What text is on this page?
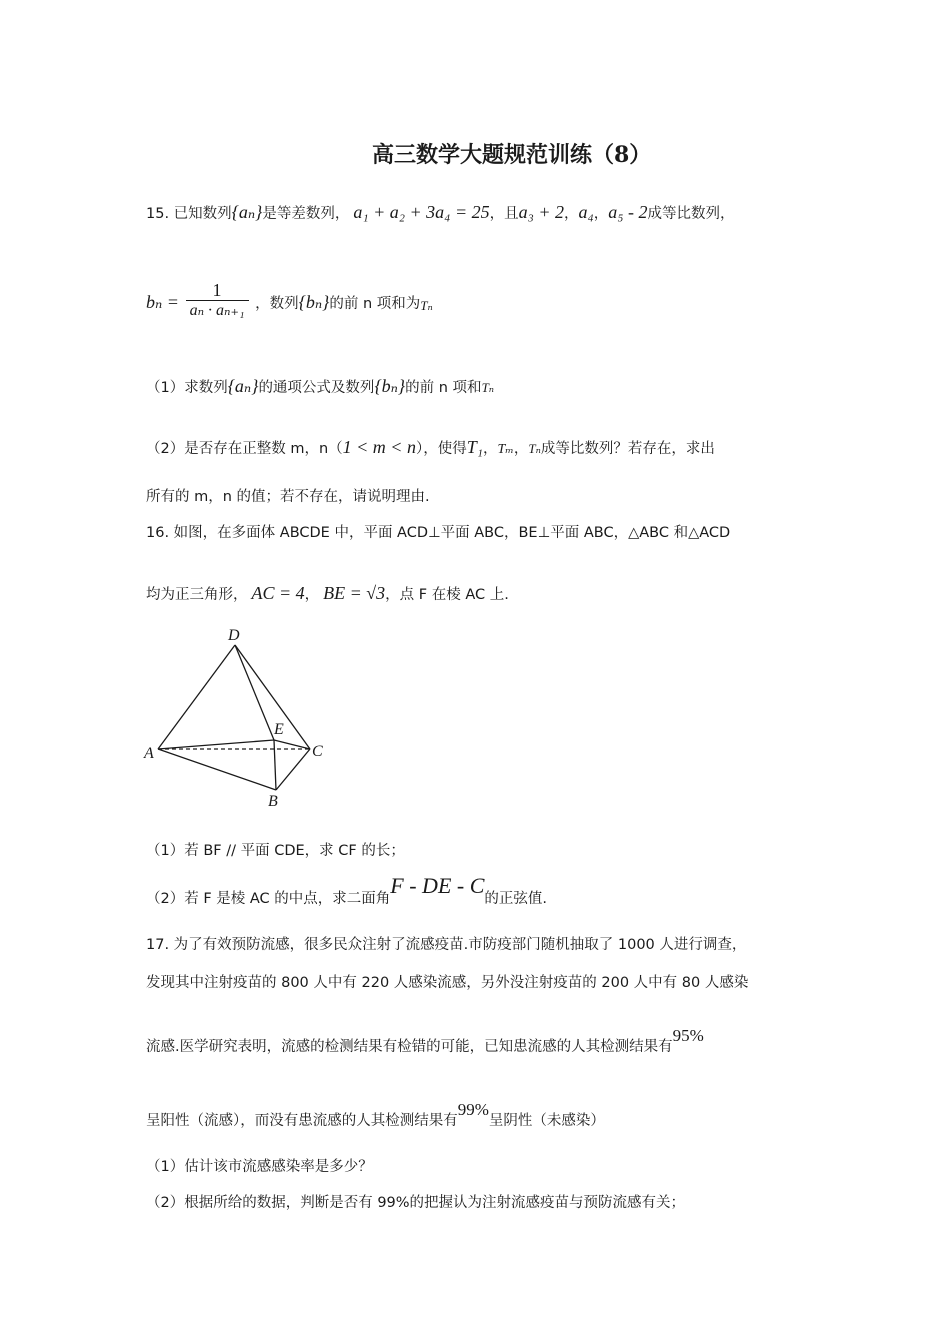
高三数学大题规范训练（8）
15. 已知数列{aₙ}是等差数列， a₁ + a₂ + 3a₄ = 25，且a₃ + 2，a₄，a₅ - 2成等比数列，
$b_n = \frac{1}{\text{aₙ · aₙ₊₁}}$ ，数列{bₙ}的前 n 项和为Tₙ
（1）求数列{aₙ}的通项公式及数列{bₙ}的前 n 项和Tₙ
（2）是否存在正整数 m，n（1 < m < n），使得T₁，Tₘ，Tₙ成等比数列？若存在，求出
所有的 m，n 的值；若不存在，请说明理由.
16. 如图，在多面体 ABCDE 中，平面 ACD⊥平面 ABC，BE⊥平面 ABC，△ABC 和△ACD
均为正三角形， AC = 4， BE = √3，点 F 在棱 AC 上.
D
E
A	C
B
（1）若 BF // 平面 CDE，求 CF 的长；
（2）若 F 是棱 AC 的中点，求二面角F - DE - C的正弦值.
17. 为了有效预防流感，很多民众注射了流感疫苗.市防疫部门随机抽取了 1000 人进行调查，
发现其中注射疫苗的 800 人中有 220 人感染流感，另外没注射疫苗的 200 人中有 80 人感染
流感.医学研究表明，流感的检测结果有检错的可能，已知患流感的人其检测结果有95%
呈阳性（流感），而没有患流感的人其检测结果有99%呈阴性（未感染）
（1）估计该市流感感染率是多少？
（2）根据所给的数据，判断是否有 99%的把握认为注射流感疫苗与预防流感有关；
